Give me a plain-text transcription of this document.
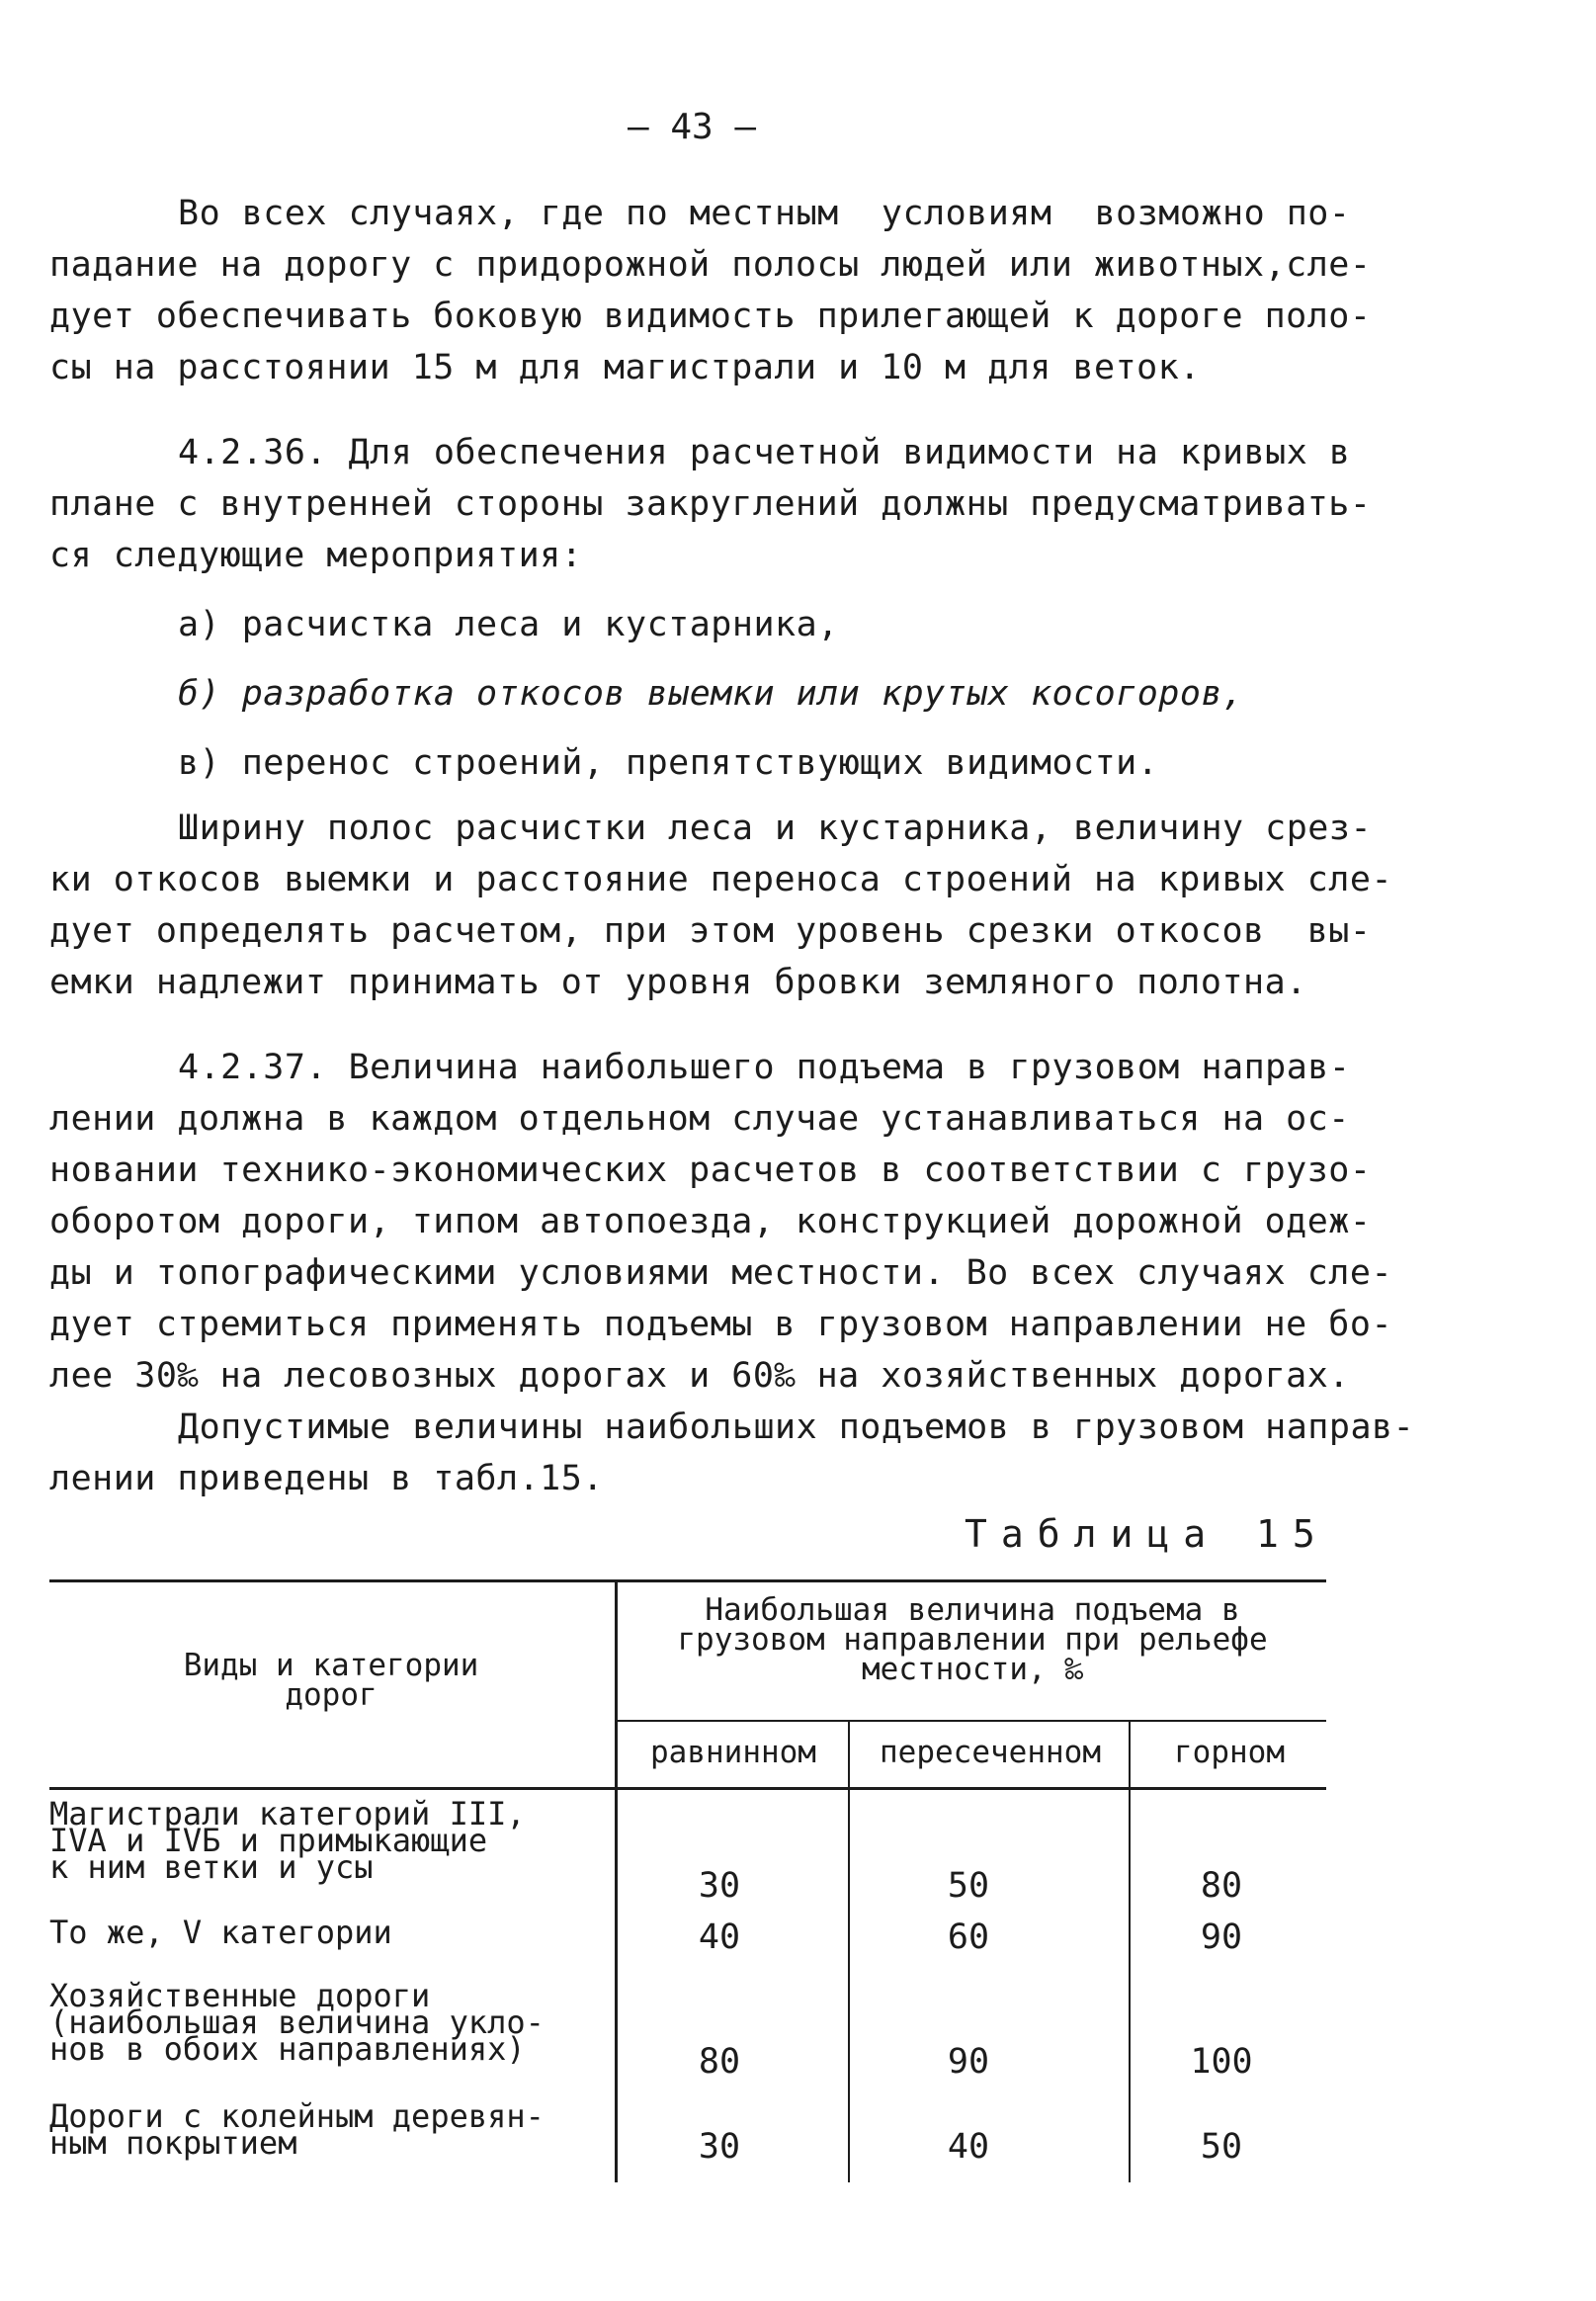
— 43 —
Во всех случаях, где по местным  условиям  возможно по-
падание на дорогу с придорожной полосы людей или животных,сле-
дует обеспечивать боковую видимость прилегающей к дороге поло-
сы на расстоянии 15 м для магистрали и 10 м для веток.
4.2.36. Для обеспечения расчетной видимости на кривых в
плане с внутренней стороны закруглений должны предусматривать-
ся следующие мероприятия:
а) расчистка леса и кустарника,
б) разработка откосов выемки или крутых косогоров,
в) перенос строений, препятствующих видимости.
Ширину полос расчистки леса и кустарника, величину срез-
ки откосов выемки и расстояние переноса строений на кривых сле-
дует определять расчетом, при этом уровень срезки откосов  вы-
емки надлежит принимать от уровня бровки земляного полотна.
4.2.37. Величина наибольшего подъема в грузовом направ-
лении должна в каждом отдельном случае устанавливаться на ос-
новании технико-экономических расчетов в соответствии с грузо-
оборотом дороги, типом автопоезда, конструкцией дорожной одеж-
ды и топографическими условиями местности. Во всех случаях сле-
дует стремиться применять подъемы в грузовом направлении не бо-
лее 30‰ на лесовозных дорогах и 60‰ на хозяйственных дорогах.
Допустимые величины наибольших подъемов в грузовом направ-
лении приведены в табл.15.
Таблица 15
Виды и категории
дорог
Наибольшая величина подъема в
грузовом направлении при рельефе
местности, ‰
равнинном	пересеченном	горном
Магистрали категорий III,
IVА и IVБ и примыкающие
к ним ветки и усы	30	50	80
То же, V категории	40	60	90
Хозяйственные дороги
(наибольшая величина укло-
нов в обоих направлениях)	80	90	100
Дороги с колейным деревян-
ным покрытием	30	40	50
